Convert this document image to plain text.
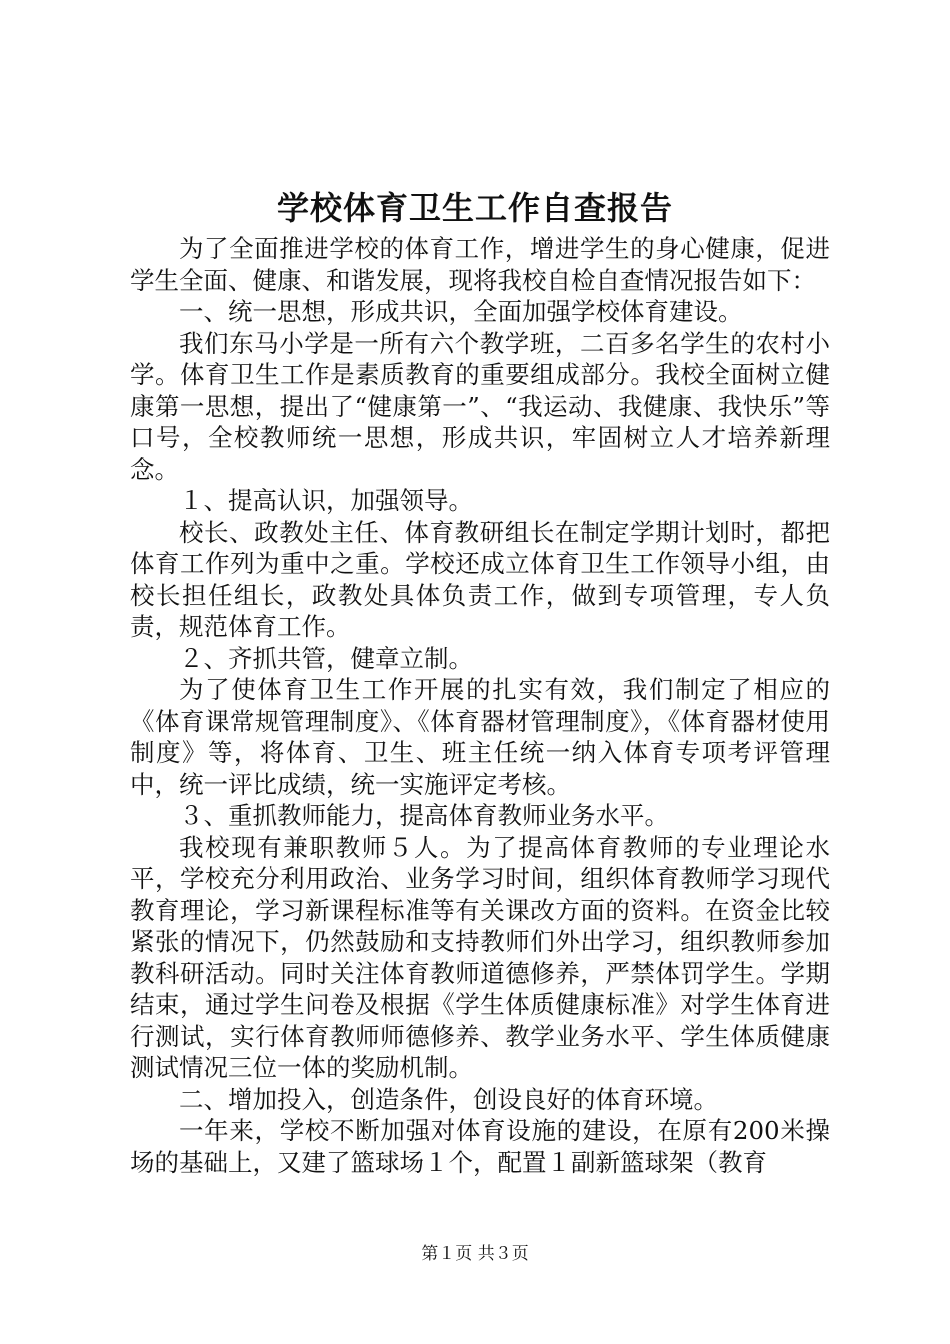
学校体育卫生工作自查报告

为了全面推进学校的体育工作，增进学生的身心健康，促进学生全面、健康、和谐发展，现将我校自检自查情况报告如下：

一、统一思想，形成共识，全面加强学校体育建设。

我们东马小学是一所有六个教学班，二百多名学生的农村小学。体育卫生工作是素质教育的重要组成部分。我校全面树立健康第一思想，提出了“健康第一”、“我运动、我健康、我快乐”等口号，全校教师统一思想，形成共识，牢固树立人才培养新理念。

１、提高认识，加强领导。

校长、政教处主任、体育教研组长在制定学期计划时，都把体育工作列为重中之重。学校还成立体育卫生工作领导小组，由校长担任组长，政教处具体负责工作，做到专项管理，专人负责，规范体育工作。

２、齐抓共管，健章立制。

为了使体育卫生工作开展的扎实有效，我们制定了相应的《体育课常规管理制度》、《体育器材管理制度》，《体育器材使用制度》等，将体育、卫生、班主任统一纳入体育专项考评管理中，统一评比成绩，统一实施评定考核。

３、重抓教师能力，提高体育教师业务水平。

我校现有兼职教师５人。为了提高体育教师的专业理论水平，学校充分利用政治、业务学习时间，组织体育教师学习现代教育理论，学习新课程标准等有关课改方面的资料。在资金比较紧张的情况下，仍然鼓励和支持教师们外出学习，组织教师参加教科研活动。同时关注体育教师道德修养，严禁体罚学生。学期结束，通过学生问卷及根据《学生体质健康标准》对学生体育进行测试，实行体育教师师德修养、教学业务水平、学生体质健康测试情况三位一体的奖励机制。

二、增加投入，创造条件，创设良好的体育环境。

一年来，学校不断加强对体育设施的建设，在原有200米操场的基础上，又建了篮球场１个，配置１副新篮球架（教育

第１页 共３页
